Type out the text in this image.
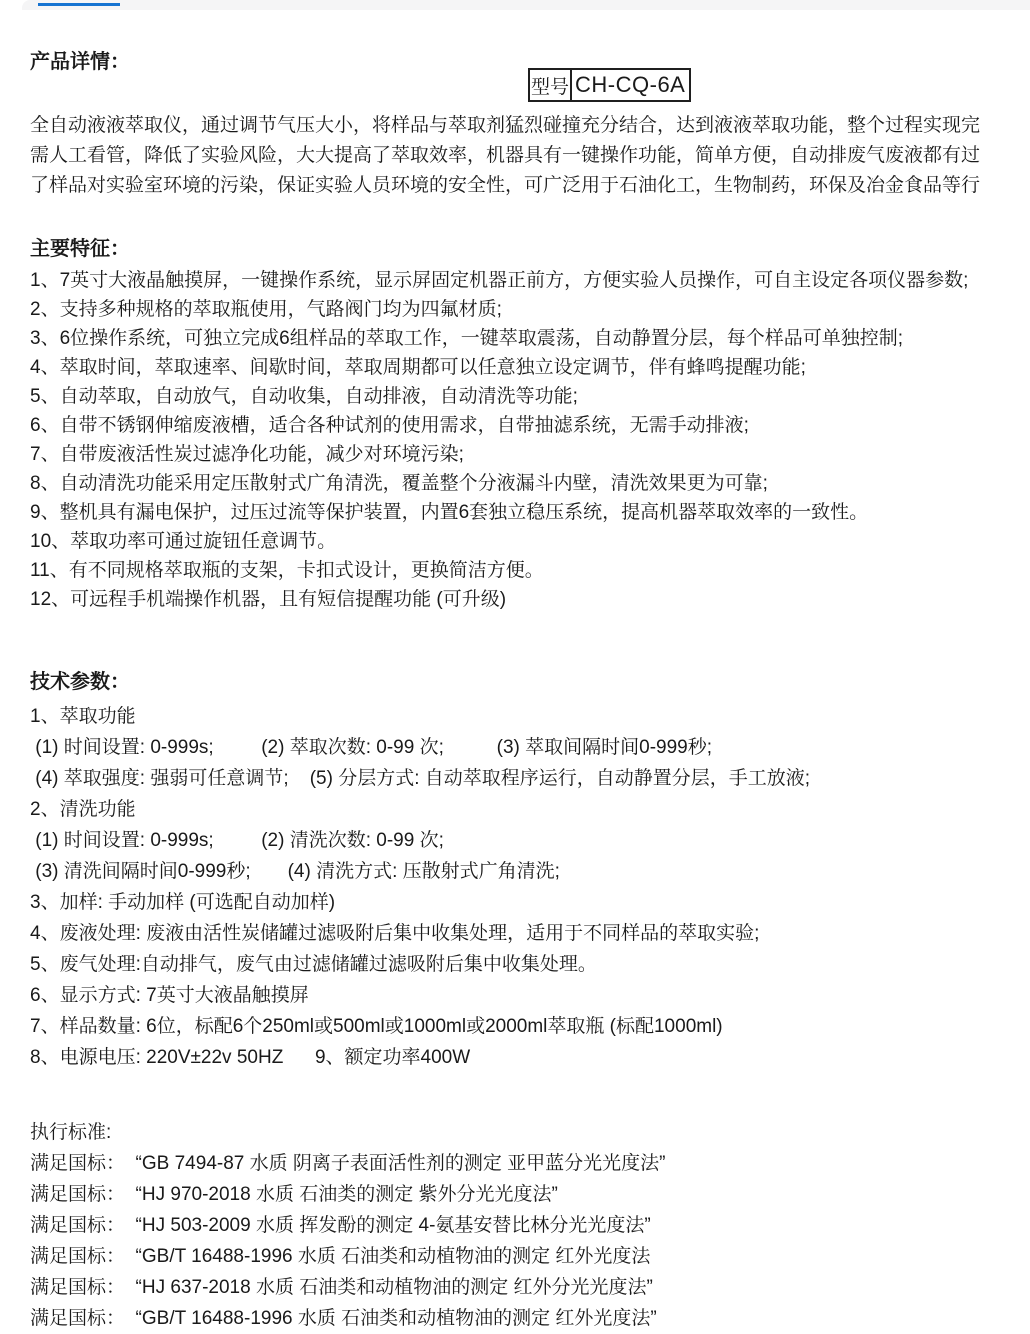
产品详情：
型号 CH-CQ-6A
全自动液液萃取仪，通过调节气压大小，将样品与萃取剂猛烈碰撞充分结合，达到液液萃取功能，整个过程实现完
需人工看管，降低了实验风险，大大提高了萃取效率，机器具有一键操作功能，简单方便，自动排废气废液都有过
了样品对实验室环境的污染，保证实验人员环境的安全性，可广泛用于石油化工，生物制药，环保及冶金食品等行
主要特征：
1、7英寸大液晶触摸屏，一键操作系统，显示屏固定机器正前方，方便实验人员操作，可自主设定各项仪器参数;
2、支持多种规格的萃取瓶使用，气路阀门均为四氟材质;
3、6位操作系统，可独立完成6组样品的萃取工作，一键萃取震荡，自动静置分层，每个样品可单独控制;
4、萃取时间，萃取速率、间歇时间，萃取周期都可以任意独立设定调节，伴有蜂鸣提醒功能;
5、自动萃取，自动放气，自动收集，自动排液，自动清洗等功能;
6、自带不锈钢伸缩废液槽，适合各种试剂的使用需求，自带抽滤系统，无需手动排液;
7、自带废液活性炭过滤净化功能，减少对环境污染;
8、自动清洗功能采用定压散射式广角清洗，覆盖整个分液漏斗内壁，清洗效果更为可靠;
9、整机具有漏电保护，过压过流等保护装置，内置6套独立稳压系统，提高机器萃取效率的一致性。
10、萃取功率可通过旋钮任意调节。
11、有不同规格萃取瓶的支架，卡扣式设计，更换简洁方便。
12、可远程手机端操作机器，且有短信提醒功能 (可升级)
技术参数：
1、萃取功能
(1) 时间设置: 0-999s;         (2) 萃取次数: 0-99 次;          (3) 萃取间隔时间0-999秒;
(4) 萃取强度: 强弱可任意调节;    (5) 分层方式: 自动萃取程序运行，自动静置分层，手工放液;
2、清洗功能
(1) 时间设置: 0-999s;         (2) 清洗次数: 0-99 次;
(3) 清洗间隔时间0-999秒;       (4) 清洗方式: 压散射式广角清洗;
3、加样: 手动加样 (可选配自动加样)
4、废液处理: 废液由活性炭储罐过滤吸附后集中收集处理，适用于不同样品的萃取实验;
5、废气处理:自动排气，废气由过滤储罐过滤吸附后集中收集处理。
6、显示方式: 7英寸大液晶触摸屏
7、样品数量: 6位，标配6个250ml或500ml或1000ml或2000ml萃取瓶 (标配1000ml)
8、电源电压: 220V±22v 50HZ      9、额定功率400W
执行标准:
满足国标：  “GB 7494-87 水质 阴离子表面活性剂的测定 亚甲蓝分光光度法”
满足国标：  “HJ 970-2018 水质 石油类的测定 紫外分光光度法”
满足国标：  “HJ 503-2009 水质 挥发酚的测定 4-氨基安替比林分光光度法”
满足国标：  “GB/T 16488-1996 水质 石油类和动植物油的测定 红外光度法
满足国标：  “HJ 637-2018 水质 石油类和动植物油的测定 红外分光光度法”
满足国标：  “GB/T 16488-1996 水质 石油类和动植物油的测定 红外光度法”
